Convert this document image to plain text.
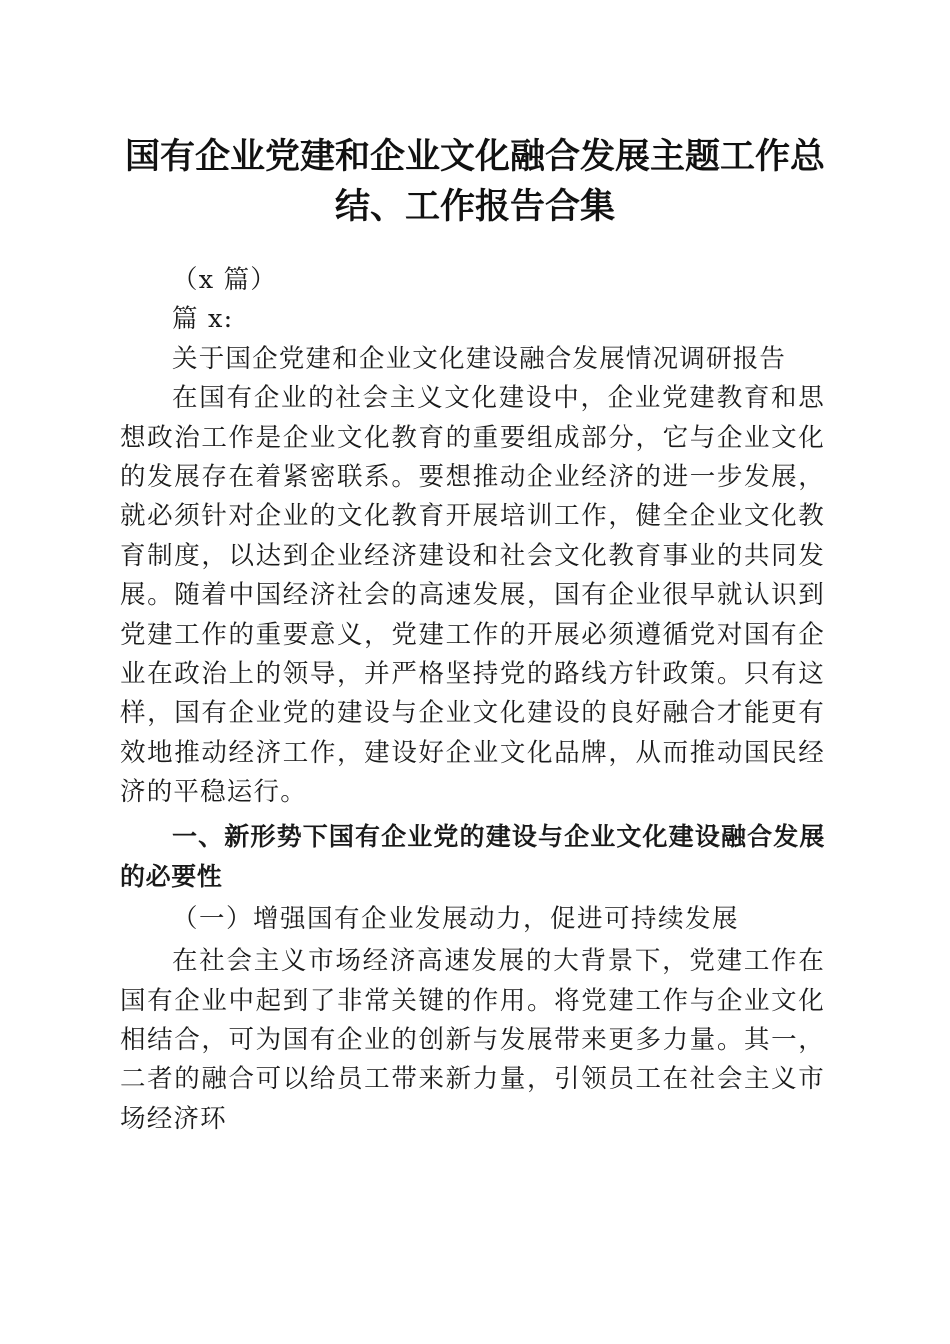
国有企业党建和企业文化融合发展主题工作总结、工作报告合集

（x 篇）

篇 x:

关于国企党建和企业文化建设融合发展情况调研报告

在国有企业的社会主义文化建设中，企业党建教育和思想政治工作是企业文化教育的重要组成部分，它与企业文化的发展存在着紧密联系。要想推动企业经济的进一步发展，就必须针对企业的文化教育开展培训工作，健全企业文化教育制度，以达到企业经济建设和社会文化教育事业的共同发展。随着中国经济社会的高速发展，国有企业很早就认识到党建工作的重要意义，党建工作的开展必须遵循党对国有企业在政治上的领导，并严格坚持党的路线方针政策。只有这样，国有企业党的建设与企业文化建设的良好融合才能更有效地推动经济工作，建设好企业文化品牌，从而推动国民经济的平稳运行。

一、新形势下国有企业党的建设与企业文化建设融合发展的必要性

（一）增强国有企业发展动力，促进可持续发展

在社会主义市场经济高速发展的大背景下，党建工作在国有企业中起到了非常关键的作用。将党建工作与企业文化相结合，可为国有企业的创新与发展带来更多力量。其一，二者的融合可以给员工带来新力量，引领员工在社会主义市场经济环
